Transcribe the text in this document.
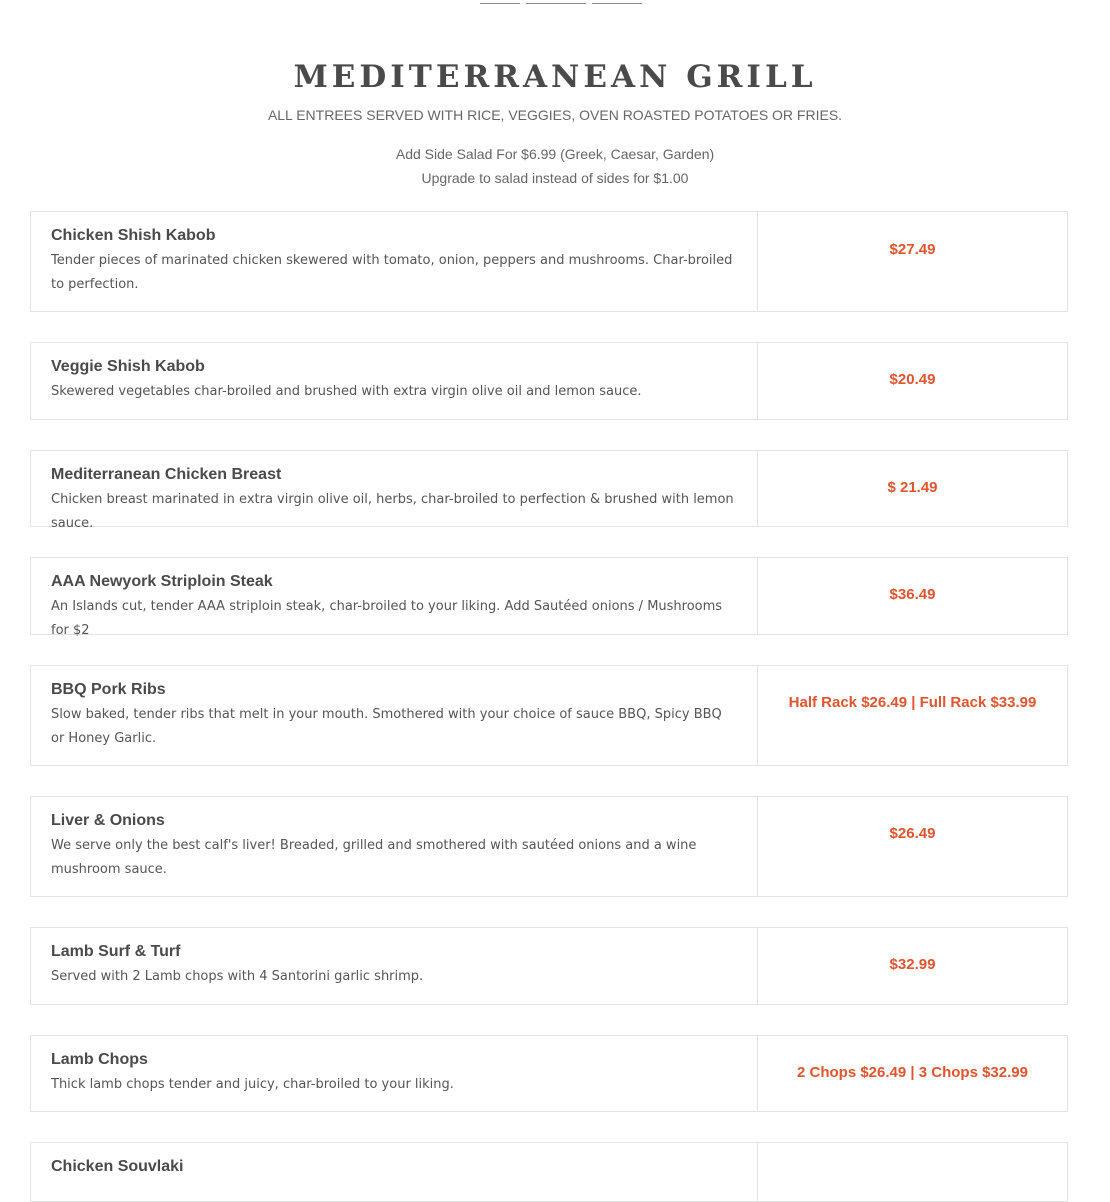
MEDITERRANEAN GRILL
ALL ENTREES SERVED WITH RICE, VEGGIES, OVEN ROASTED POTATOES OR FRIES.
Add Side Salad For $6.99 (Greek, Caesar, Garden)
Upgrade to salad instead of sides for $1.00
Chicken Shish Kabob
Tender pieces of marinated chicken skewered with tomato, onion, peppers and mushrooms. Char-broiled to perfection.
$27.49
Veggie Shish Kabob
Skewered vegetables char-broiled and brushed with extra virgin olive oil and lemon sauce.
$20.49
Mediterranean Chicken Breast
Chicken breast marinated in extra virgin olive oil, herbs, char-broiled to perfection & brushed with lemon sauce.
$ 21.49
AAA Newyork Striploin Steak
An Islands cut, tender AAA striploin steak, char-broiled to your liking. Add Sautéed onions / Mushrooms for $2
$36.49
BBQ Pork Ribs
Slow baked, tender ribs that melt in your mouth. Smothered with your choice of sauce BBQ, Spicy BBQ or Honey Garlic.
Half Rack $26.49 | Full Rack $33.99
Liver & Onions
We serve only the best calf's liver! Breaded, grilled and smothered with sautéed onions and a wine mushroom sauce.
$26.49
Lamb Surf & Turf
Served with 2 Lamb chops with 4 Santorini garlic shrimp.
$32.99
Lamb Chops
Thick lamb chops tender and juicy, char-broiled to your liking.
2 Chops $26.49 | 3 Chops $32.99
Chicken Souvlaki
